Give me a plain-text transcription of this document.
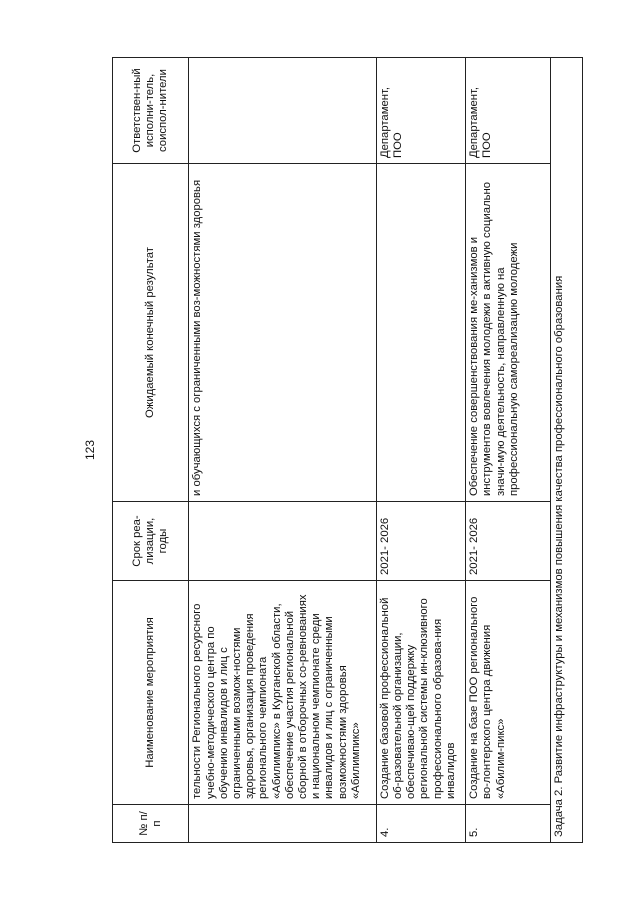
123
№ п/п	Наименование мероприятия	Срок реа-лизации, годы	Ожидаемый конечный результат	Ответствен-ный исполни-тель, соиспол-нители
	тельности Регионального ресурсного учебно-методического центра по обучению инвалидов и лиц с ограниченными возмож-ностями здоровья, организация проведения регионального чемпионата «Абилимпикс» в Курганской области, обеспечение участия региональной сборной в отборочных со-ревнованиях и национальном чемпионате среди инвалидов и лиц с ограниченными возможностями здоровья «Абилимпикс»		и обучающихся с ограниченными воз-можностями здоровья	
4.	Создание базовой профессиональной об-разовательной организации, обеспечиваю-щей поддержку региональной системы ин-клюзивного профессионального образова-ния инвалидов	2021- 2026		Департамент, ПОО
5.	Создание на базе ПОО регионального во-лонтерского центра движения «Абилим-пикс»	2021- 2026	Обеспечение совершенствования ме-ханизмов и инструментов вовлечения молодежи в активную социально значи-мую деятельность, направленную на профессиональную самореализацию молодежи	Департамент, ПОО
Задача 2. Развитие инфраструктуры и механизмов повышения качества профессионального образования				
